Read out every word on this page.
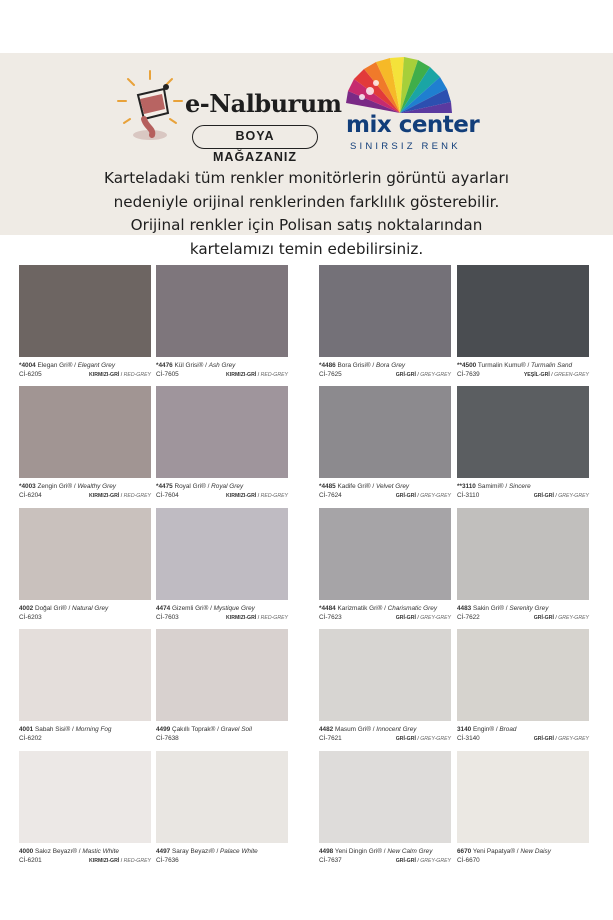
e-Nalburum
BOYA MAĞAZANIZ
mix center
SINIRSIZ RENK
Karteladaki tüm renkler monitörlerin görüntü ayarları
nedeniyle orijinal renklerinden farklılık gösterebilir.
Orijinal renkler için Polisan satış noktalarından
kartelamızı temin edebilirsiniz.
*4004 Elegan Gri® / Elegant Grey
Cİ-6205	KIRMIZI-GRİ / RED-GREY
*4476 Kül Grisi® / Ash Grey
Cİ-7605	KIRMIZI-GRİ / RED-GREY
*4486 Bora Grisi® / Bora Grey
Cİ-7625	GRİ-GRİ / GREY-GREY
**4500 Turmalin Kumu® / Turmalin Sand
Cİ-7639	YEŞİL-GRİ / GREEN-GREY
*4003 Zengin Gri® / Wealthy Grey
Cİ-6204	KIRMIZI-GRİ / RED-GREY
*4475 Royal Gri® / Royal Grey
Cİ-7604	KIRMIZI-GRİ / RED-GREY
*4485 Kadife Gri® / Velvet Grey
Cİ-7624	GRİ-GRİ / GREY-GREY
**3110 Samimi® / Sincere
Cİ-3110	GRİ-GRİ / GREY-GREY
4002 Doğal Gri® / Natural Grey
Cİ-6203
4474 Gizemli Gri® / Mystique Grey
Cİ-7603	KIRMIZI-GRİ / RED-GREY
*4484 Karizmatik Gri® / Charismatic Grey
Cİ-7623	GRİ-GRİ / GREY-GREY
4483 Sakin Gri® / Serenity Grey
Cİ-7622	GRİ-GRİ / GREY-GREY
4001 Sabah Sisi® / Morning Fog
Cİ-6202
4499 Çakıllı Toprak® / Gravel Soil
Cİ-7638
4482 Masum Gri® / Innocent Grey
Cİ-7621	GRİ-GRİ / GREY-GREY
3140 Engin® / Broad
Cİ-3140	GRİ-GRİ / GREY-GREY
4000 Sakız Beyazı® / Mastic White
Cİ-6201	KIRMIZI-GRİ / RED-GREY
4497 Saray Beyazı® / Palace White
Cİ-7636
4498 Yeni Dingin Gri® / New Calm Grey
Cİ-7637	GRİ-GRİ / GREY-GREY
6670 Yeni Papatya® / New Daisy
Cİ-6670
